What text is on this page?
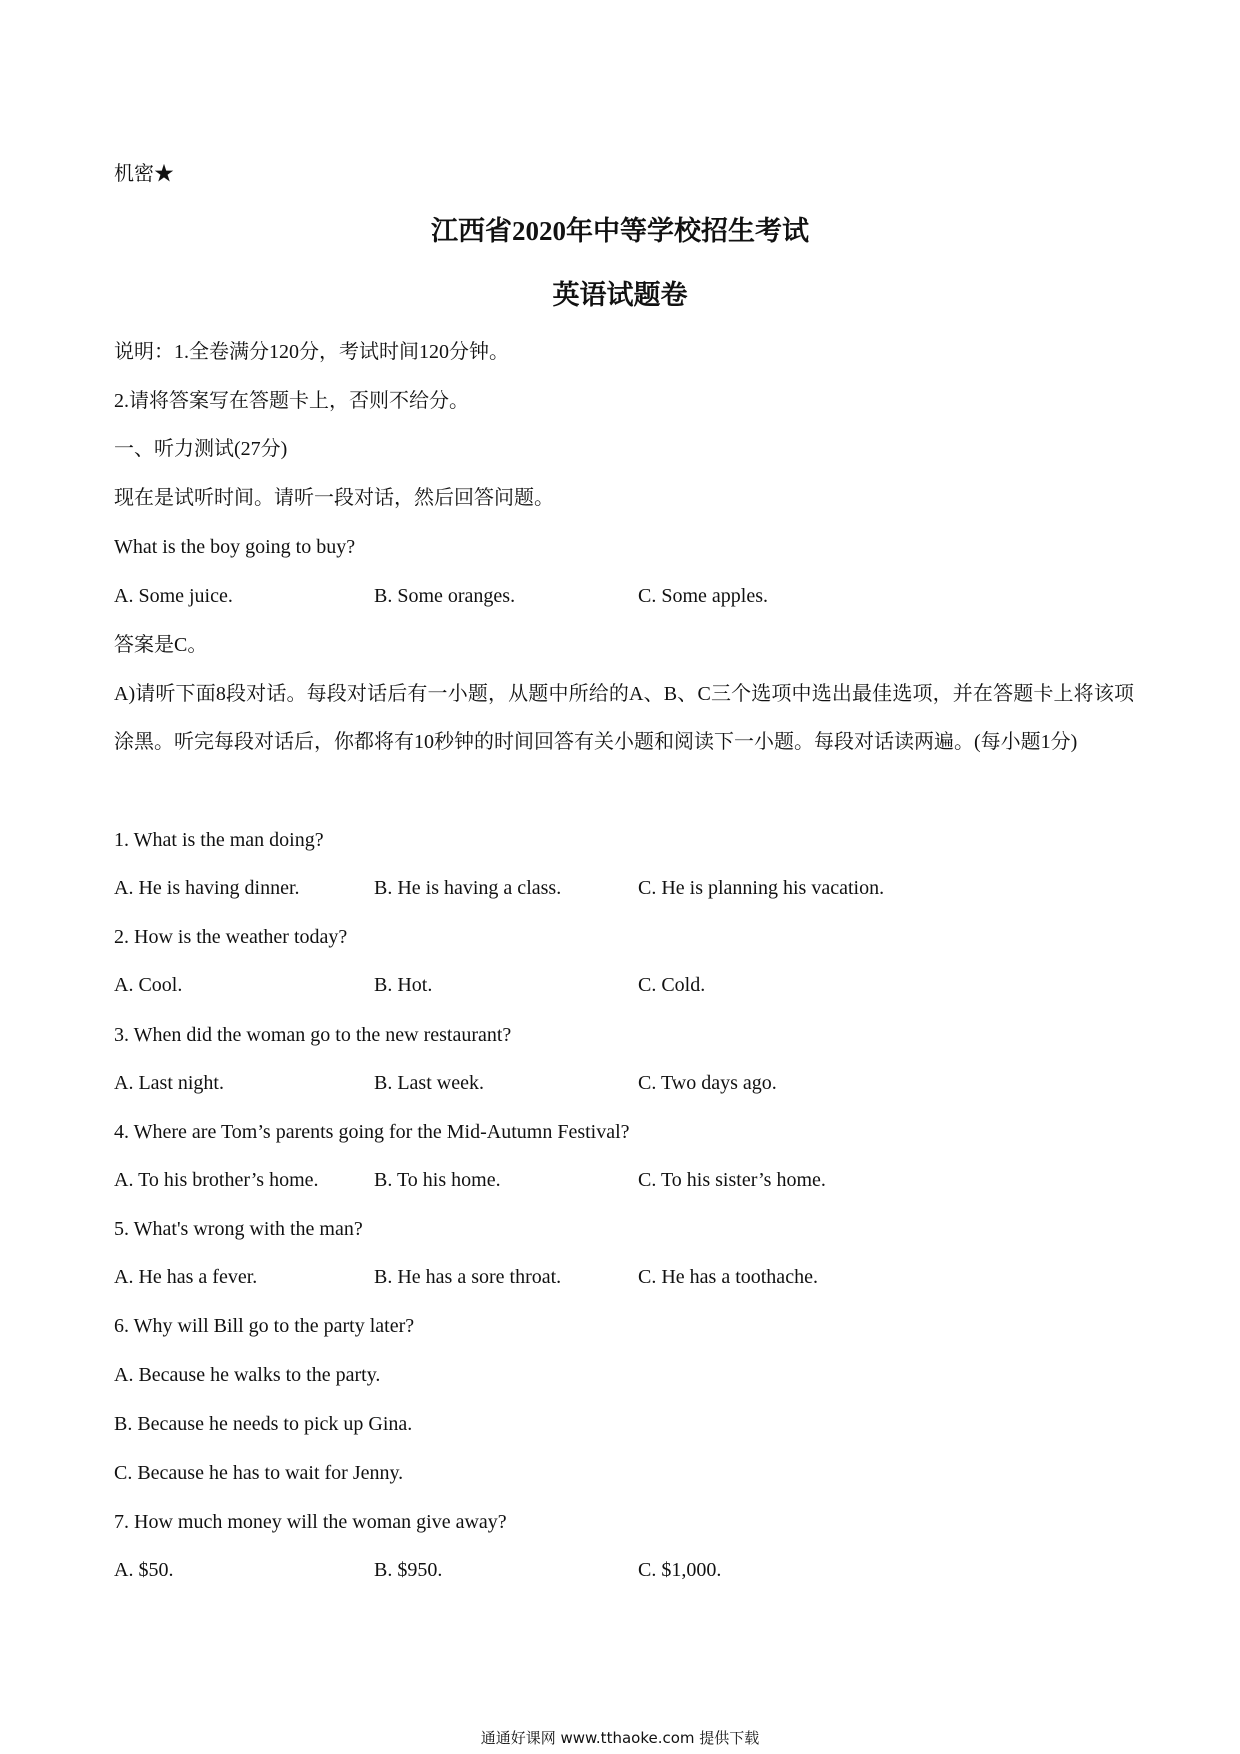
机密★
江西省2020年中等学校招生考试
英语试题卷
说明：1.全卷满分120分，考试时间120分钟。
2.请将答案写在答题卡上，否则不给分。
一、听力测试(27分)
现在是试听时间。请听一段对话，然后回答问题。
What is the boy going to buy?
A. Some juice.	B. Some oranges.	C. Some apples.
答案是C。
A)请听下面8段对话。每段对话后有一小题，从题中所给的A、B、C三个选项中选出最佳选项，并在答题卡上将该项涂黑。听完每段对话后，你都将有10秒钟的时间回答有关小题和阅读下一小题。每段对话读两遍。(每小题1分)
1. What is the man doing?
A. He is having dinner.	B. He is having a class.	C. He is planning his vacation.
2. How is the weather today?
A. Cool.	B. Hot.	C. Cold.
3. When did the woman go to the new restaurant?
A. Last night.	B. Last week.	C. Two days ago.
4. Where are Tom’s parents going for the Mid-Autumn Festival?
A. To his brother’s home.	B. To his home.	C. To his sister’s home.
5. What's wrong with the man?
A. He has a fever.	B. He has a sore throat.	C. He has a toothache.
6. Why will Bill go to the party later?
A. Because he walks to the party.
B. Because he needs to pick up Gina.
C. Because he has to wait for Jenny.
7. How much money will the woman give away?
A. $50.	B. $950.	C. $1,000.
通通好课网 www.tthaoke.com 提供下载
